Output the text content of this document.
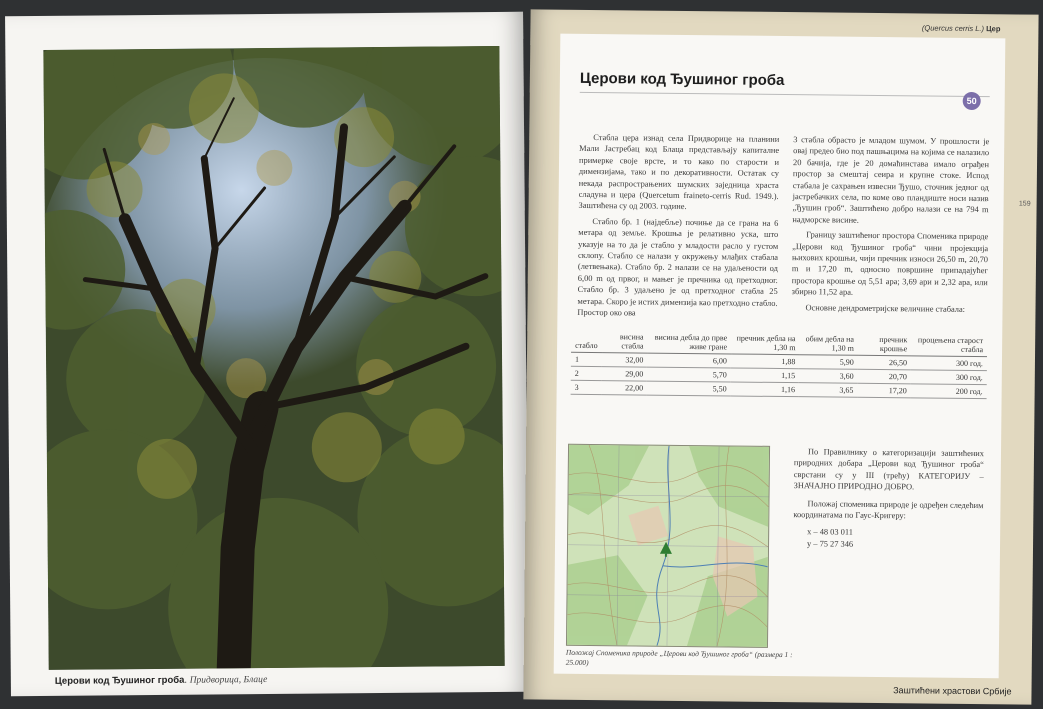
Церови код Ђушиног гроба. Придворица, Блаце
(Quercus cerris L.) Цер
159
Церови код Ђушиног гроба
50

Стабла цера изнад села Придворице на планини Мали Јастребац код Блаца представљају капиталне примерке своје врсте, и то како по старости и димензијама, тако и по декоративности. Остатак су некада распрострањених шумских заједница храста сладуна и цера (Quercetum frainetо-cerris Rud. 1949.). Заштићена су од 2003. године.

Стабло бр. 1 (најдебље) почиње да се грана на 6 метара од земље. Крошња је релативно уска, што указује на то да је стабло у младости расло у густом склопу. Стабло се налази у окружењу млађих стабала (летвењака). Стабло бр. 2 налази се на удаљености од 6,00 m од првог, и мањег је пречника од претходног. Стабло бр. 3 удаљено је од претходног стабла 25 метара. Скоро је истих димензија као претходно стабло. Простор око ова

3 стабла обрасто је младом шумом. У прошлости је овај предео био под пашњацима на којима се налазило 20 бачија, где је 20 домаћинстава имало ограђен простор за смештај сеира и крупне стоке. Испод стабала је сахрањен извесни Ђушо, сточник једног од јастребачких села, по коме ово пландиште носи назив „Ђушин гроб“. Заштићено добро налази се на 794 m надморске висине.

Границу заштићеног простора Споменика природе „Церови код Ђушиног гроба“ чини пројекција њихових крошњи, чији пречник износи 26,50 m, 20,70 m и 17,20 m, односно површине припадајућег простора крошње од 5,51 ара; 3,69 ари и 2,32 ара, или збирно 11,52 ара.

Основне дендрометријске величине стабала:

стабло	висина стабла	висина дебла до прве живе гране	пречник дебла на 1,30 m	обим дебла на 1,30 m	пречник крошње	процењена старост стабла
1	32,00	6,00	1,88	5,90	26,50	300 год.
2	29,00	5,70	1,15	3,60	20,70	300 год.
3	22,00	5,50	1,16	3,65	17,20	200 год.
Положај Споменика природе „Церови код Ђушиног гроба“ (размера 1 : 25.000)

По Правилнику о категоризацији заштићених природних добара „Церови код Ђушиног гроба“ сврстани су у III (трећу) КАТЕГОРИЈУ – ЗНАЧАЈНО ПРИРОДНО ДОБРО.

Положај споменика природе је одређен следећим координатама по Гаус-Кригеру:

x – 48 03 011
y – 75 27 346
Заштићени храстови Србије
